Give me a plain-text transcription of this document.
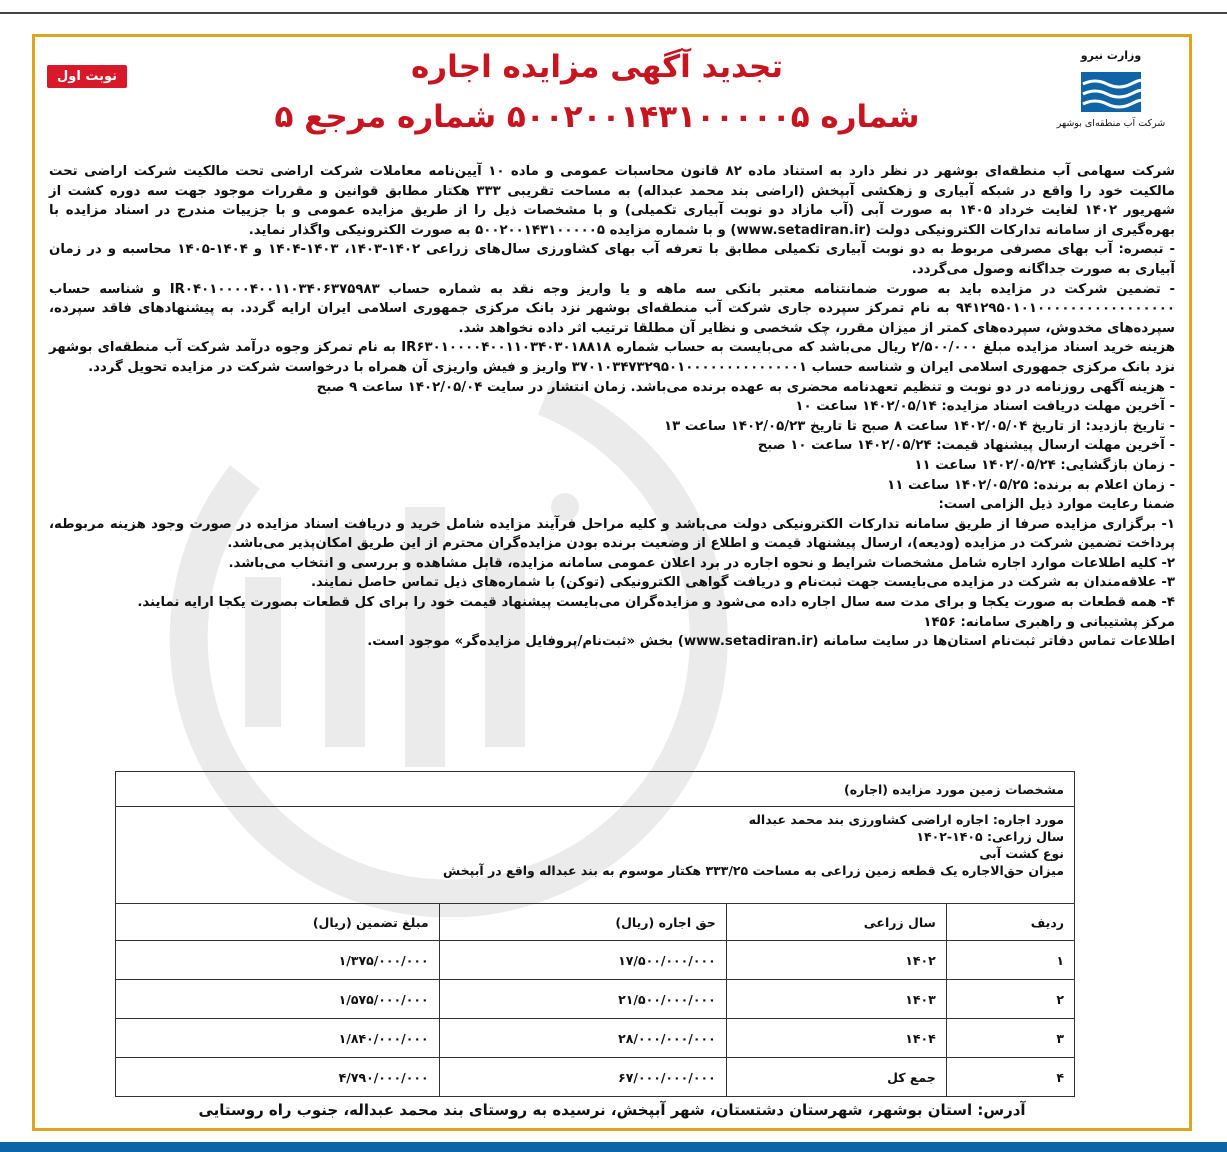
وزارت نیرو
شرکت آب منطقه‌ای بوشهر
نوبت اول	تجدید آگهی مزایده اجاره
شماره ۵۰۰۲۰۰۱۴۳۱۰۰۰۰۰۵ شماره مرجع ۵

شرکت سهامی آب منطقه‌ای بوشهر در نظر دارد به استناد ماده ۸۲ قانون محاسبات عمومی و ماده ۱۰ آیین‌نامه معاملات شرکت اراضی تحت مالکیت شرکت اراضی تحت مالکیت خود را واقع در شبکه آبیاری و زهکشی آبپخش (اراضی بند محمد عبداله) به مساحت تقریبی ۳۳۳ هکتار مطابق قوانین و مقررات موجود جهت سه دوره کشت از شهریور ۱۴۰۲ لغایت خرداد ۱۴۰۵ به صورت آبی (آب مازاد دو نوبت آبیاری تکمیلی) و با مشخصات ذیل را از طریق مزایده عمومی و با جزییات مندرج در اسناد مزایده با بهره‌گیری از سامانه تدارکات الکترونیکی دولت (www.setadiran.ir) و با شماره مزایده ۵۰۰۲۰۰۱۴۳۱۰۰۰۰۰۵ به صورت الکترونیکی واگذار نماید.

- تبصره: آب بهای مصرفی مربوط به دو نوبت آبیاری تکمیلی مطابق با تعرفه آب بهای کشاورزی سال‌های زراعی ۱۴۰۲-۱۴۰۳، ۱۴۰۳-۱۴۰۴ و ۱۴۰۴-۱۴۰۵ محاسبه و در زمان آبیاری به صورت جداگانه وصول می‌گردد.

- تضمین شرکت در مزایده باید به صورت ضمانتنامه معتبر بانکی سه ماهه و یا واریز وجه نقد به شماره حساب IR۰۴۰۱۰۰۰۰۴۰۰۱۱۰۳۴۰۶۳۷۵۹۸۳ و شناسه حساب ۹۴۱۲۹۵۰۱۰۱۰۰۰۰۰۰۰۰۰۰۰۰۰۰۰۰۰ به نام تمرکز سپرده جاری شرکت آب منطقه‌ای بوشهر نزد بانک مرکزی جمهوری اسلامی ایران ارایه گردد. به پیشنهادهای فاقد سپرده، سپرده‌های مخدوش، سپرده‌های کمتر از میزان مقرر، چک شخصی و نظایر آن مطلقا ترتیب اثر داده نخواهد شد.

هزینه خرید اسناد مزایده مبلغ ۲/۵۰۰/۰۰۰ ریال می‌باشد که می‌بایست به حساب شماره IR۶۳۰۱۰۰۰۰۴۰۰۱۱۰۳۴۰۳۰۱۸۸۱۸ به نام تمرکز وجوه درآمد شرکت آب منطقه‌ای بوشهر نزد بانک مرکزی جمهوری اسلامی ایران و شناسه حساب ۳۷۰۱۰۳۴۷۳۲۹۵۰۱۰۰۰۰۰۰۰۰۰۰۰۰۰۰۱ واریز و فیش واریزی آن همراه با درخواست شرکت در مزایده تحویل گردد.

- هزینه آگهی روزنامه در دو نوبت و تنظیم تعهدنامه محضری به عهده برنده می‌باشد. زمان انتشار در سایت ۱۴۰۲/۰۵/۰۴ ساعت ۹ صبح

- آخرین مهلت دریافت اسناد مزایده: ۱۴۰۲/۰۵/۱۴ ساعت ۱۰

- تاریخ بازدید: از تاریخ ۱۴۰۲/۰۵/۰۴ ساعت ۸ صبح تا تاریخ ۱۴۰۲/۰۵/۲۳ ساعت ۱۳

- آخرین مهلت ارسال پیشنهاد قیمت: ۱۴۰۲/۰۵/۲۴ ساعت ۱۰ صبح

- زمان بازگشایی: ۱۴۰۲/۰۵/۲۴ ساعت ۱۱

- زمان اعلام به برنده: ۱۴۰۲/۰۵/۲۵ ساعت ۱۱

ضمنا رعایت موارد ذیل الزامی است:

۱- برگزاری مزایده صرفا از طریق سامانه تدارکات الکترونیکی دولت می‌باشد و کلیه مراحل فرآیند مزایده شامل خرید و دریافت اسناد مزایده در صورت وجود هزینه مربوطه، پرداخت تضمین شرکت در مزایده (ودیعه)، ارسال پیشنهاد قیمت و اطلاع از وضعیت برنده بودن مزایده‌گران محترم از این طریق امکان‌پذیر می‌باشد.

۲- کلیه اطلاعات موارد اجاره شامل مشخصات شرایط و نحوه اجاره در برد اعلان عمومی سامانه مزایده، قابل مشاهده و بررسی و انتخاب می‌باشد.

۳- علاقه‌مندان به شرکت در مزایده می‌بایست جهت ثبت‌نام و دریافت گواهی الکترونیکی (توکن) با شماره‌های ذیل تماس حاصل نمایند.

۴- همه قطعات به صورت یکجا و برای مدت سه سال اجاره داده می‌شود و مزایده‌گران می‌بایست پیشنهاد قیمت خود را برای کل قطعات بصورت یکجا ارایه نمایند.

مرکز پشتیبانی و راهبری سامانه: ۱۴۵۶

اطلاعات تماس دفاتر ثبت‌نام استان‌ها در سایت سامانه (www.setadiran.ir) بخش «ثبت‌نام/پروفایل مزایده‌گر» موجود است.

مشخصات زمین مورد مزایده (اجاره)			

مورد اجاره: اجاره اراضی کشاورزی بند محمد عبداله
سال زراعی: ۱۴۰۵-۱۴۰۲
نوع کشت آبی
میزان حق‌الاجاره یک قطعه زمین زراعی به مساحت ۳۳۳/۲۵ هکتار موسوم به بند عبداله واقع در آبپخش			

ردیف	سال زراعی	حق اجاره (ریال)	مبلغ تضمین (ریال)
۱	۱۴۰۲	۱۷/۵۰۰/۰۰۰/۰۰۰	۱/۳۷۵/۰۰۰/۰۰۰
۲	۱۴۰۳	۲۱/۵۰۰/۰۰۰/۰۰۰	۱/۵۷۵/۰۰۰/۰۰۰
۳	۱۴۰۴	۲۸/۰۰۰/۰۰۰/۰۰۰	۱/۸۴۰/۰۰۰/۰۰۰
۴	جمع کل	۶۷/۰۰۰/۰۰۰/۰۰۰	۴/۷۹۰/۰۰۰/۰۰۰
آدرس: استان بوشهر، شهرستان دشتستان، شهر آبپخش، نرسیده به روستای بند محمد عبداله، جنوب راه روستایی
